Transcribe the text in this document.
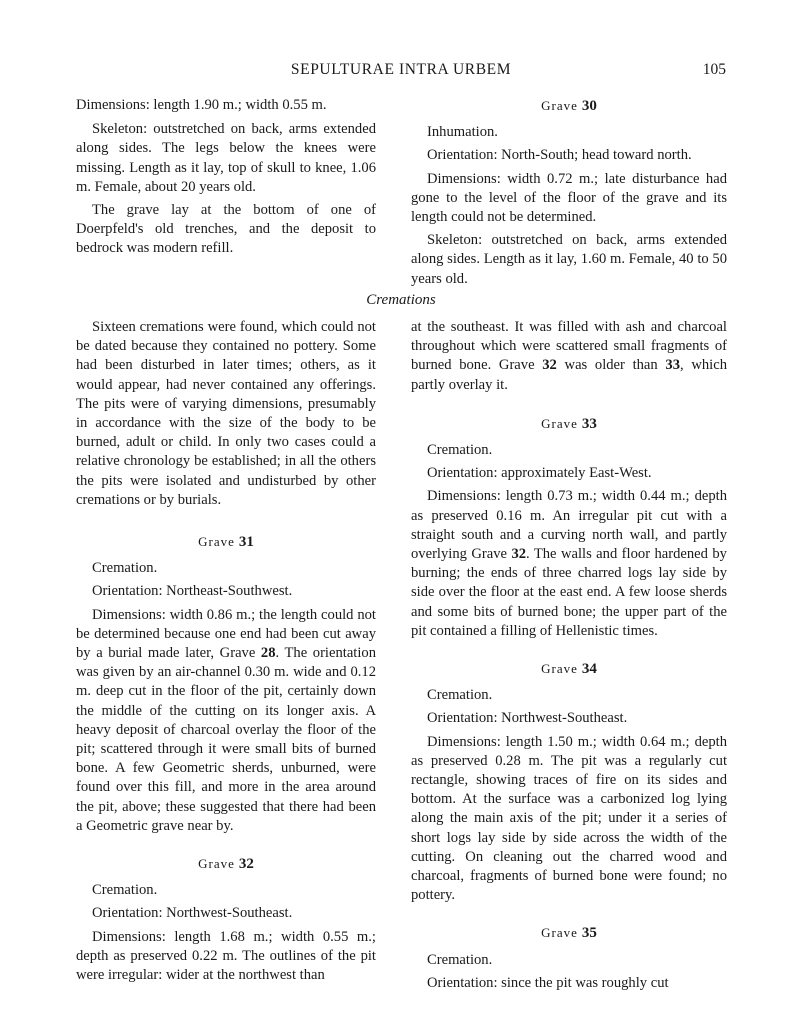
SEPULTURAE INTRA URBEM	105

Dimensions: length 1.90 m.; width 0.55 m.

Skeleton: outstretched on back, arms extended along sides. The legs below the knees were missing. Length as it lay, top of skull to knee, 1.06 m. Female, about 20 years old.

The grave lay at the bottom of one of Doerpfeld's old trenches, and the deposit to bedrock was modern refill.

Grave 30

Inhumation.

Orientation: North-South; head toward north.

Dimensions: width 0.72 m.; late disturbance had gone to the level of the floor of the grave and its length could not be determined.

Skeleton: outstretched on back, arms extended along sides. Length as it lay, 1.60 m. Female, 40 to 50 years old.

Cremations

Sixteen cremations were found, which could not be dated because they contained no pottery. Some had been disturbed in later times; others, as it would appear, had never contained any offerings. The pits were of varying dimensions, presumably in accordance with the size of the body to be burned, adult or child. In only two cases could a relative chronology be established; in all the others the pits were isolated and undisturbed by other cremations or by burials.

Grave 31

Cremation.

Orientation: Northeast-Southwest.

Dimensions: width 0.86 m.; the length could not be determined because one end had been cut away by a burial made later, Grave 28. The orientation was given by an air-channel 0.30 m. wide and 0.12 m. deep cut in the floor of the pit, certainly down the middle of the cutting on its longer axis. A heavy deposit of charcoal overlay the floor of the pit; scattered through it were small bits of burned bone. A few Geometric sherds, unburned, were found over this fill, and more in the area around the pit, above; these suggested that there had been a Geometric grave near by.

Grave 32

Cremation.

Orientation: Northwest-Southeast.

Dimensions: length 1.68 m.; width 0.55 m.; depth as preserved 0.22 m. The outlines of the pit were irregular: wider at the northwest than

at the southeast. It was filled with ash and charcoal throughout which were scattered small fragments of burned bone. Grave 32 was older than 33, which partly overlay it.

Grave 33

Cremation.

Orientation: approximately East-West.

Dimensions: length 0.73 m.; width 0.44 m.; depth as preserved 0.16 m. An irregular pit cut with a straight south and a curving north wall, and partly overlying Grave 32. The walls and floor hardened by burning; the ends of three charred logs lay side by side over the floor at the east end. A few loose sherds and some bits of burned bone; the upper part of the pit contained a filling of Hellenistic times.

Grave 34

Cremation.

Orientation: Northwest-Southeast.

Dimensions: length 1.50 m.; width 0.64 m.; depth as preserved 0.28 m. The pit was a regularly cut rectangle, showing traces of fire on its sides and bottom. At the surface was a carbonized log lying along the main axis of the pit; under it a series of short logs lay side by side across the width of the cutting. On cleaning out the charred wood and charcoal, fragments of burned bone were found; no pottery.

Grave 35

Cremation.

Orientation: since the pit was roughly cut
